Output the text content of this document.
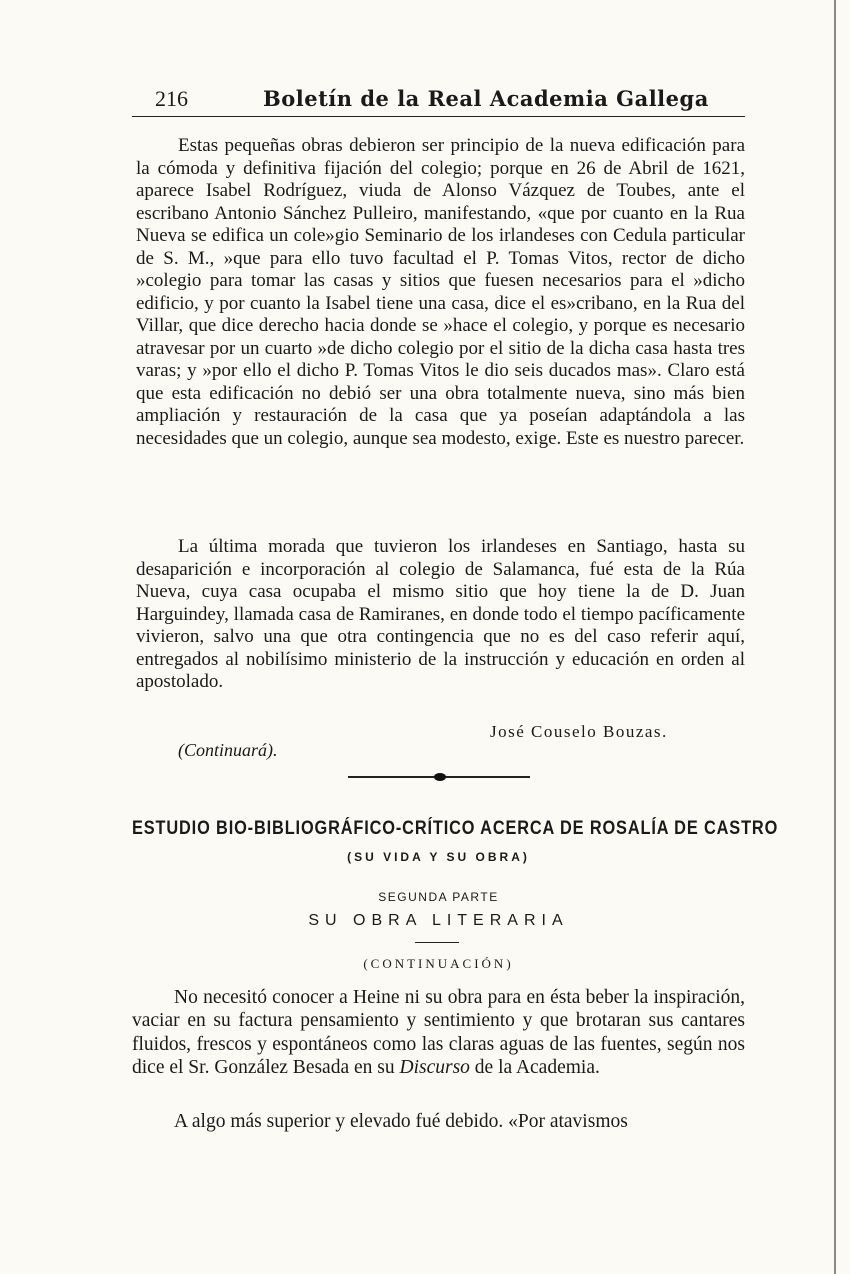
216	Boletín de la Real Academia Gallega

Estas pequeñas obras debieron ser principio de la nueva edificación para la cómoda y definitiva fijación del colegio; porque en 26 de Abril de 1621, aparece Isabel Rodríguez, viuda de Alonso Vázquez de Toubes, ante el escribano Antonio Sánchez Pulleiro, manifestando, «que por cuanto en la Rua Nueva se edifica un cole»gio Seminario de los irlandeses con Cedula particular de S. M., »que para ello tuvo facultad el P. Tomas Vitos, rector de dicho »colegio para tomar las casas y sitios que fuesen necesarios para el »dicho edificio, y por cuanto la Isabel tiene una casa, dice el es»cribano, en la Rua del Villar, que dice derecho hacia donde se »hace el colegio, y porque es necesario atravesar por un cuarto »de dicho colegio por el sitio de la dicha casa hasta tres varas; y »por ello el dicho P. Tomas Vitos le dio seis ducados mas». Claro está que esta edificación no debió ser una obra totalmente nueva, sino más bien ampliación y restauración de la casa que ya poseían adaptándola a las necesidades que un colegio, aunque sea modesto, exige. Este es nuestro parecer.

La última morada que tuvieron los irlandeses en Santiago, hasta su desaparición e incorporación al colegio de Salamanca, fué esta de la Rúa Nueva, cuya casa ocupaba el mismo sitio que hoy tiene la de D. Juan Harguindey, llamada casa de Ramiranes, en donde todo el tiempo pacíficamente vivieron, salvo una que otra contingencia que no es del caso referir aquí, entregados al nobilísimo ministerio de la instrucción y educación en orden al apostolado.

José Couselo Bouzas.
(Continuará).
ESTUDIO BIO-BIBLIOGRÁFICO-CRÍTICO ACERCA DE ROSALÍA DE CASTRO
(SU VIDA Y SU OBRA)
SEGUNDA PARTE
SU OBRA LITERARIA
(CONTINUACIÓN)

No necesitó conocer a Heine ni su obra para en ésta beber la inspiración, vaciar en su factura pensamiento y sentimiento y que brotaran sus cantares fluidos, frescos y espontáneos como las claras aguas de las fuentes, según nos dice el Sr. González Besada en su Discurso de la Academia.

A algo más superior y elevado fué debido. «Por atavismos
